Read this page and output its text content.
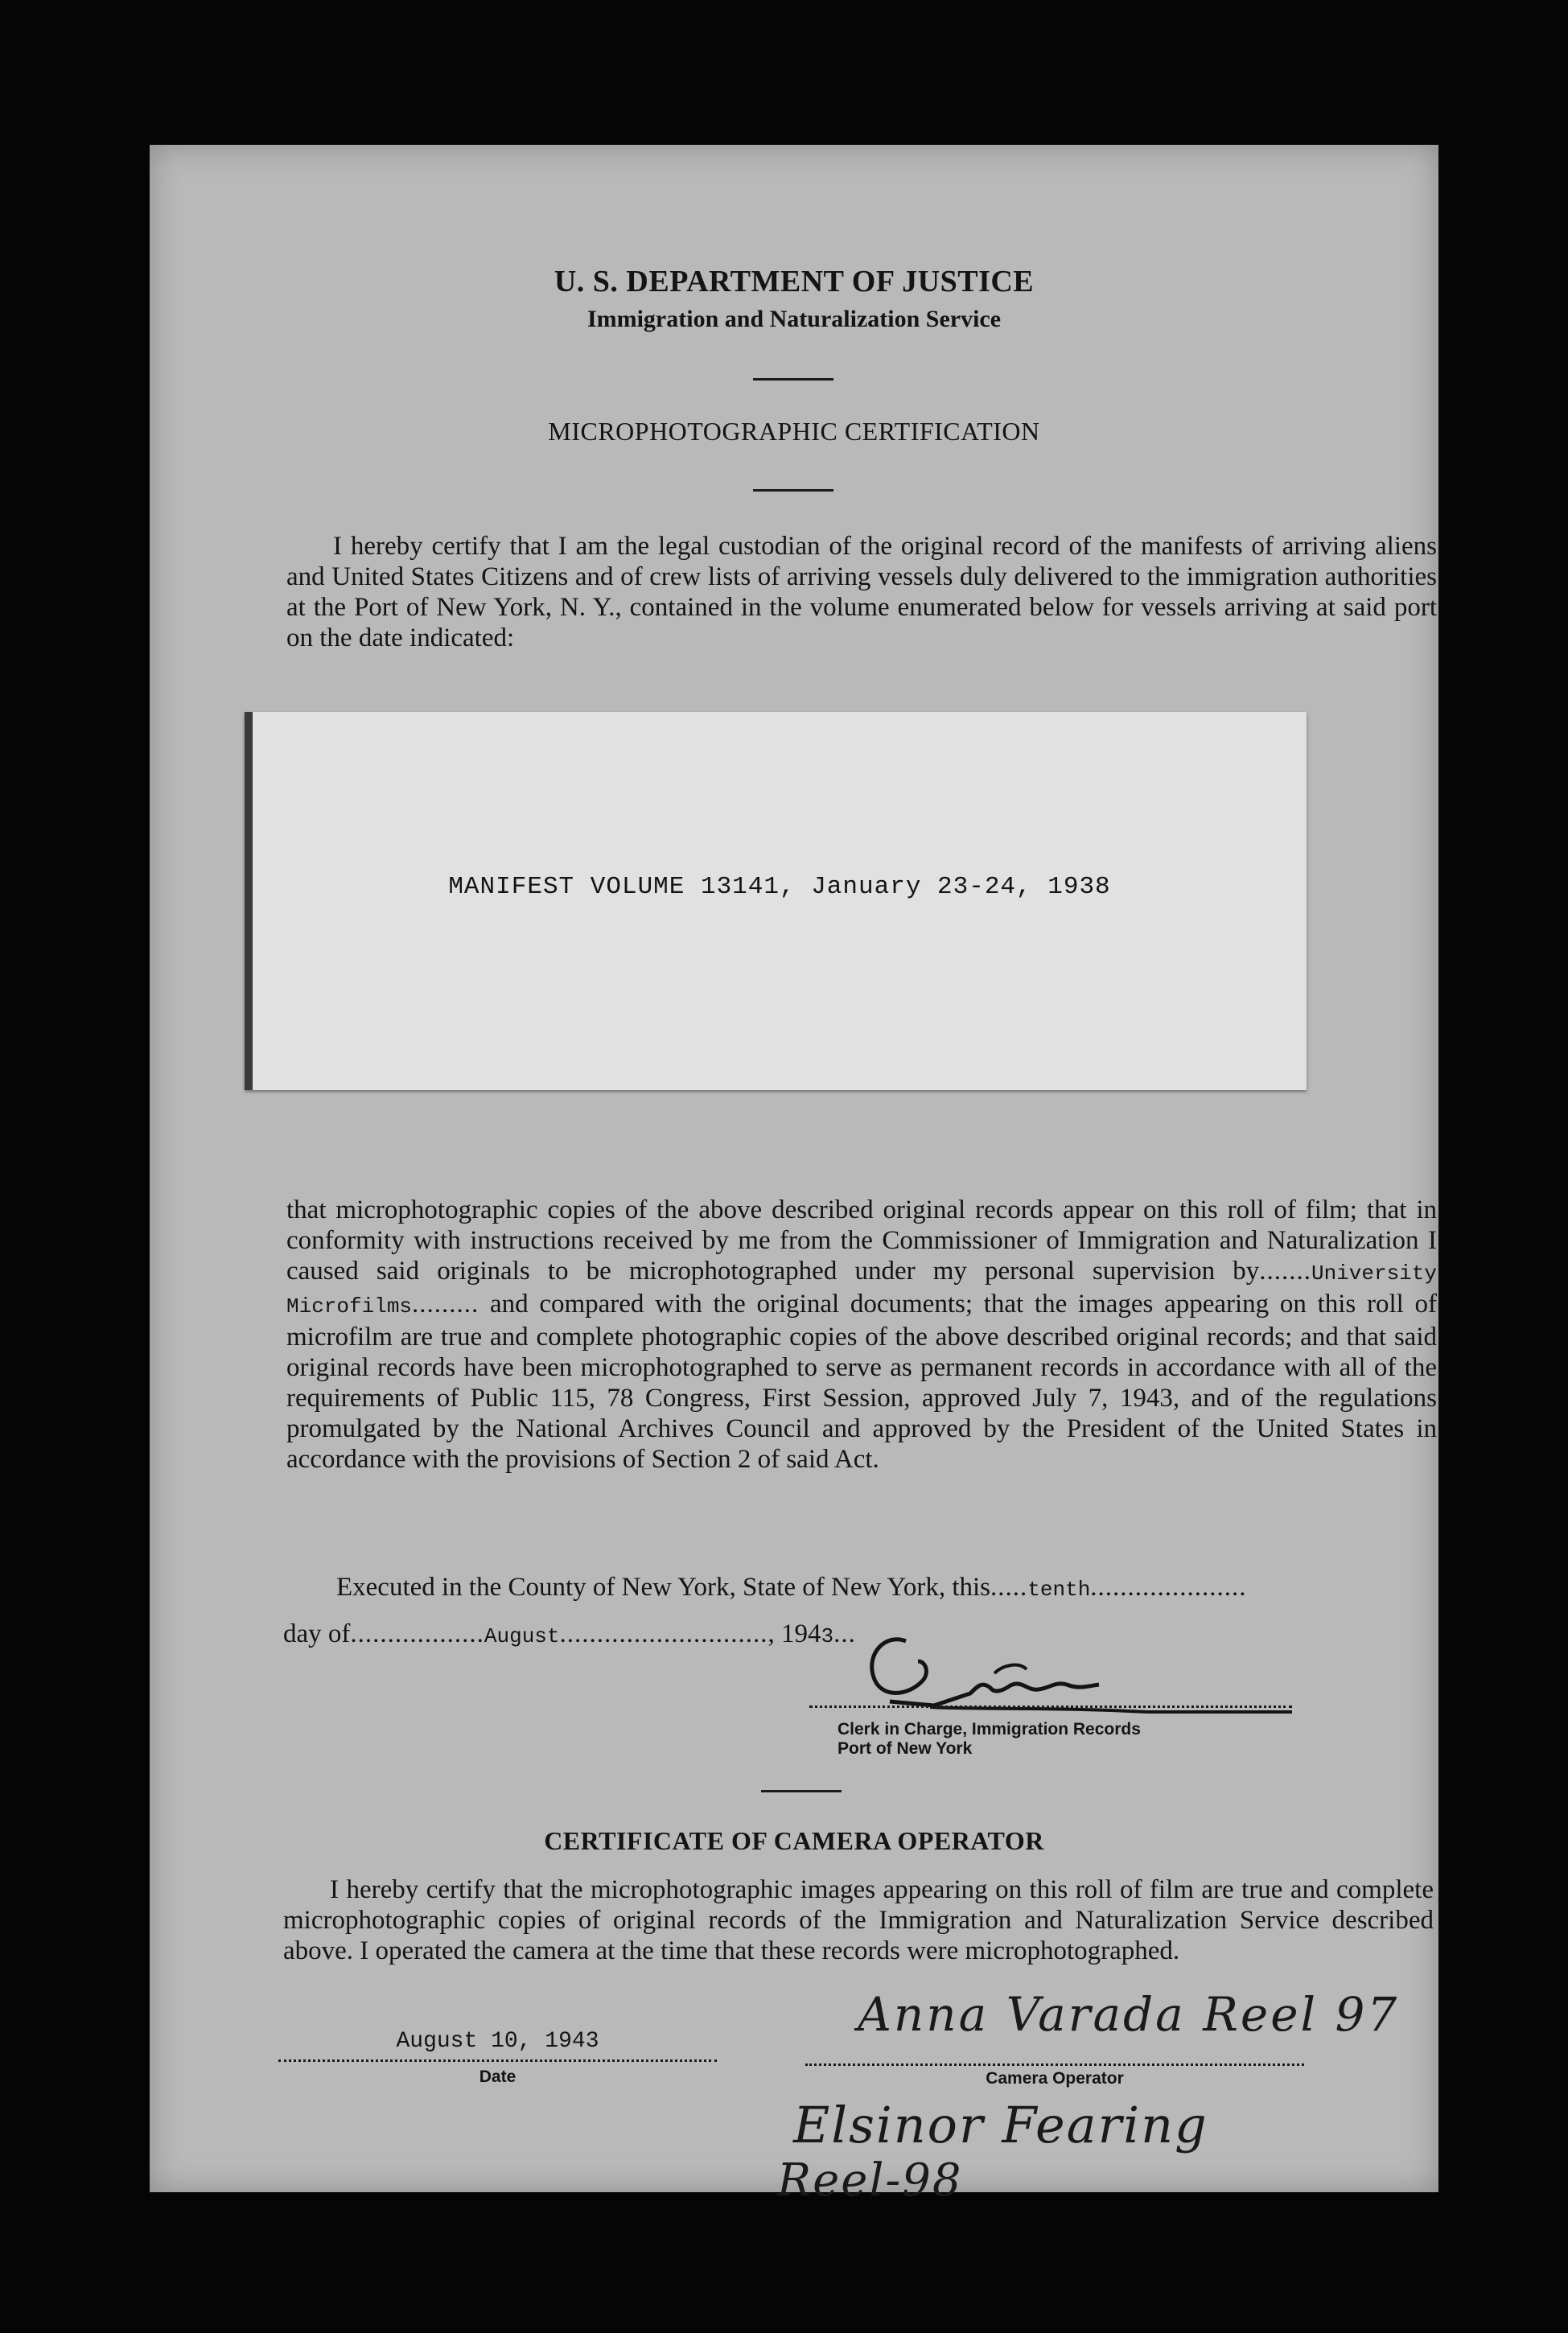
U. S. DEPARTMENT OF JUSTICE
Immigration and Naturalization Service
MICROPHOTOGRAPHIC CERTIFICATION
I hereby certify that I am the legal custodian of the original record of the manifests of arriving aliens and United States Citizens and of crew lists of arriving vessels duly delivered to the immigration authorities at the Port of New York, N. Y., contained in the volume enumerated below for vessels arriving at said port on the date indicated:
MANIFEST VOLUME 13141, January 23-24, 1938
that microphotographic copies of the above described original records appear on this roll of film; that in conformity with instructions received by me from the Commissioner of Immigration and Naturalization I caused said originals to be microphotographed under my personal supervision by.......University Microfilms......... and compared with the original documents; that the images appearing on this roll of microfilm are true and complete photographic copies of the above described original records; and that said original records have been microphotographed to serve as permanent records in accordance with all of the requirements of Public 115, 78 Congress, First Session, approved July 7, 1943, and of the regulations promulgated by the National Archives Council and approved by the President of the United States in accordance with the provisions of Section 2 of said Act.
Executed in the County of New York, State of New York, this.....tenth.....................
day of..................August............................, 1943...
Clerk in Charge, Immigration Records
Port of New York
CERTIFICATE OF CAMERA OPERATOR
I hereby certify that the microphotographic images appearing on this roll of film are true and complete microphotographic copies of original records of the Immigration and Naturalization Service described above. I operated the camera at the time that these records were microphotographed.
August 10, 1943
Date	Camera Operator
Anna Varada Reel 97
Elsinor Fearing
Reel-98
